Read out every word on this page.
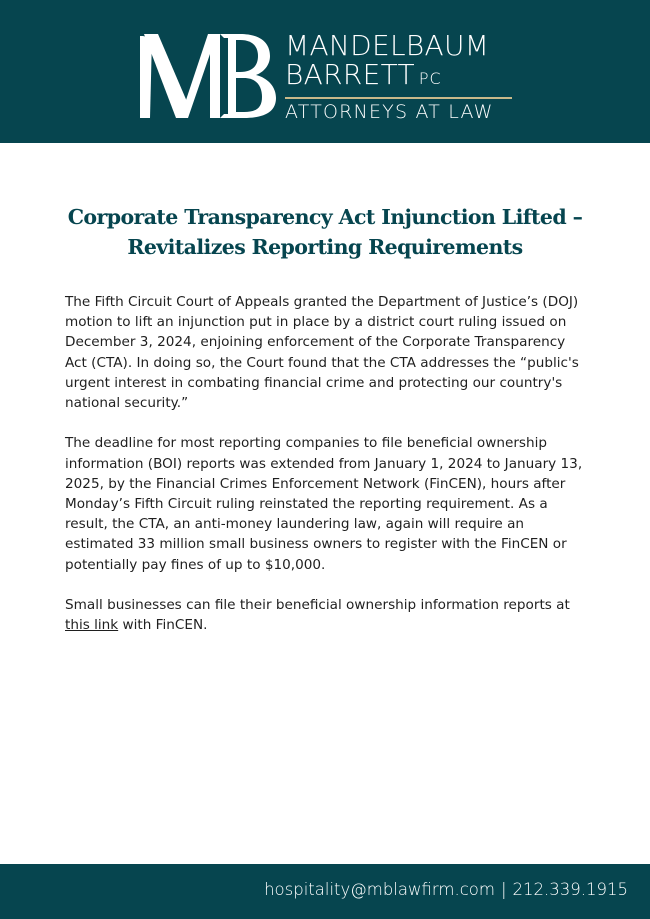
MANDELBAUM
BARRETT PC
ATTORNEYS AT LAW
Corporate Transparency Act Injunction Lifted –
Revitalizes Reporting Requirements

The Fifth Circuit Court of Appeals granted the Department of Justice’s (DOJ) motion to lift an injunction put in place by a district court ruling issued on December 3, 2024, enjoining enforcement of the Corporate Transparency Act (CTA). In doing so, the Court found that the CTA addresses the “public's urgent interest in combating financial crime and protecting our country's national security.”

The deadline for most reporting companies to file beneficial ownership information (BOI) reports was extended from January 1, 2024 to January 13, 2025, by the Financial Crimes Enforcement Network (FinCEN), hours after Monday’s Fifth Circuit ruling reinstated the reporting requirement. As a result, the CTA, an anti-money laundering law, again will require an estimated 33 million small business owners to register with the FinCEN or potentially pay fines of up to $10,000.

Small businesses can file their beneficial ownership information reports at this link with FinCEN.

hospitality@mblawfirm.com | 212.339.1915
